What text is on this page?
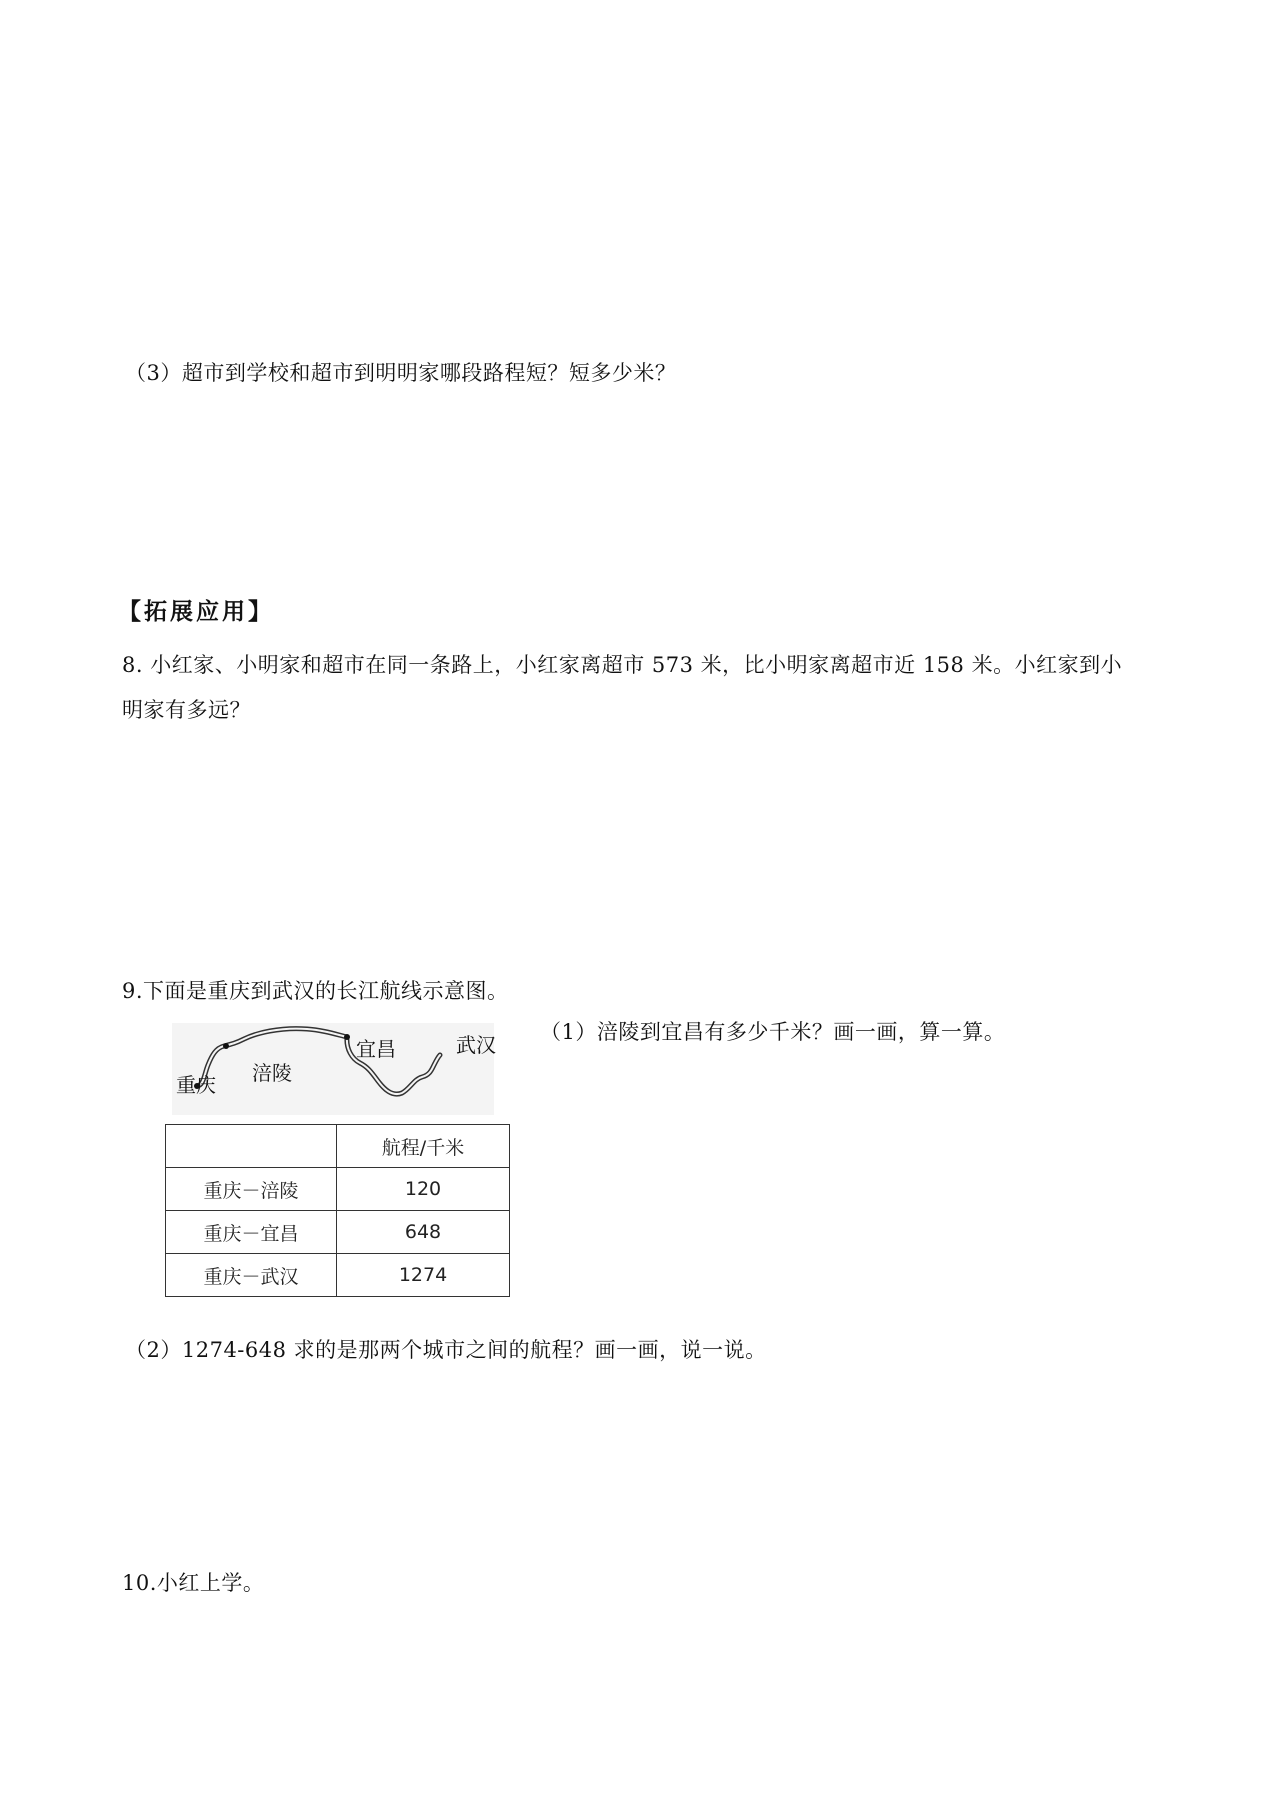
（3）超市到学校和超市到明明家哪段路程短？短多少米？
【拓展应用】
8. 小红家、小明家和超市在同一条路上，小红家离超市 573 米，比小明家离超市近 158 米。小红家到小
明家有多远？
9.下面是重庆到武汉的长江航线示意图。
重庆 涪陵
宜昌	武汉
（1）涪陵到宜昌有多少千米？画一画，算一算。
	航程/千米
重庆－涪陵	120
重庆－宜昌	648
重庆－武汉	1274
（2）1274-648 求的是那两个城市之间的航程？画一画，说一说。
10.小红上学。
